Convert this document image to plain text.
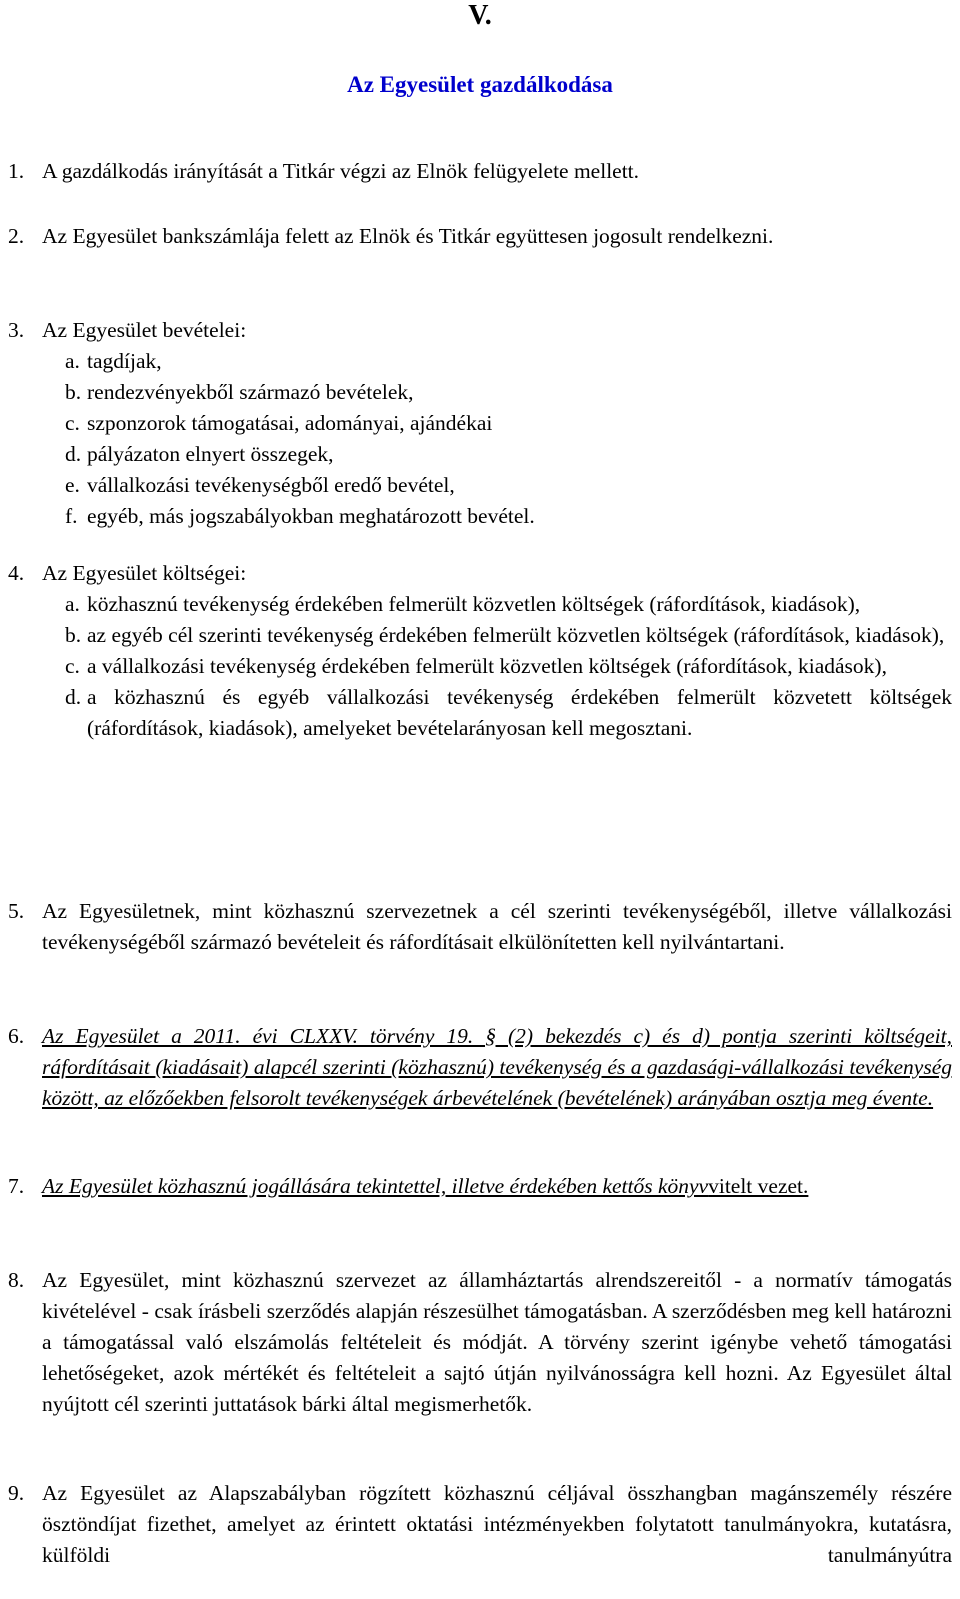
V.
Az Egyesület gazdálkodása
1. A gazdálkodás irányítását a Titkár végzi az Elnök felügyelete mellett.
2. Az Egyesület bankszámlája felett az Elnök és Titkár együttesen jogosult rendelkezni.
3. Az Egyesület bevételei:
a. tagdíjak,
b. rendezvényekből származó bevételek,
c. szponzorok támogatásai, adományai, ajándékai
d. pályázaton elnyert összegek,
e. vállalkozási tevékenységből eredő bevétel,
f. egyéb, más jogszabályokban meghatározott bevétel.
4. Az Egyesület költségei:
a. közhasznú tevékenység érdekében felmerült közvetlen költségek (ráfordítások, kiadások),
b. az egyéb cél szerinti tevékenység érdekében felmerült közvetlen költségek (ráfordítások, kiadások),
c. a vállalkozási tevékenység érdekében felmerült közvetlen költségek (ráfordítások, kiadások),
d. a közhasznú és egyéb vállalkozási tevékenység érdekében felmerült közvetett költségek (ráfordítások, kiadások), amelyeket bevételarányosan kell megosztani.
5. Az Egyesületnek, mint közhasznú szervezetnek a cél szerinti tevékenységéből, illetve vállalkozási tevékenységéből származó bevételeit és ráfordításait elkülönítetten kell nyilvántartani.
6. Az Egyesület a 2011. évi CLXXV. törvény 19. § (2) bekezdés c) és d) pontja szerinti költségeit, ráfordításait (kiadásait) alapcél szerinti (közhasznú) tevékenység és a gazdasági-vállalkozási tevékenység között, az előzőekben felsorolt tevékenységek árbevételének (bevételének) arányában osztja meg évente.
7. Az Egyesület közhasznú jogállására tekintettel, illetve érdekében kettős könyvvitelt vezet.
8. Az Egyesület, mint közhasznú szervezet az államháztartás alrendszereitől - a normatív támogatás kivételével - csak írásbeli szerződés alapján részesülhet támogatásban. A szerződésben meg kell határozni a támogatással való elszámolás feltételeit és módját. A törvény szerint igénybe vehető támogatási lehetőségeket, azok mértékét és feltételeit a sajtó útján nyilvánosságra kell hozni. Az Egyesület által nyújtott cél szerinti juttatások bárki által megismerhetők.
9. Az Egyesület az Alapszabályban rögzített közhasznú céljával összhangban magánszemély részére ösztöndíjat fizethet, amelyet az érintett oktatási intézményekben folytatott tanulmányokra, kutatásra, külföldi tanulmányútra
